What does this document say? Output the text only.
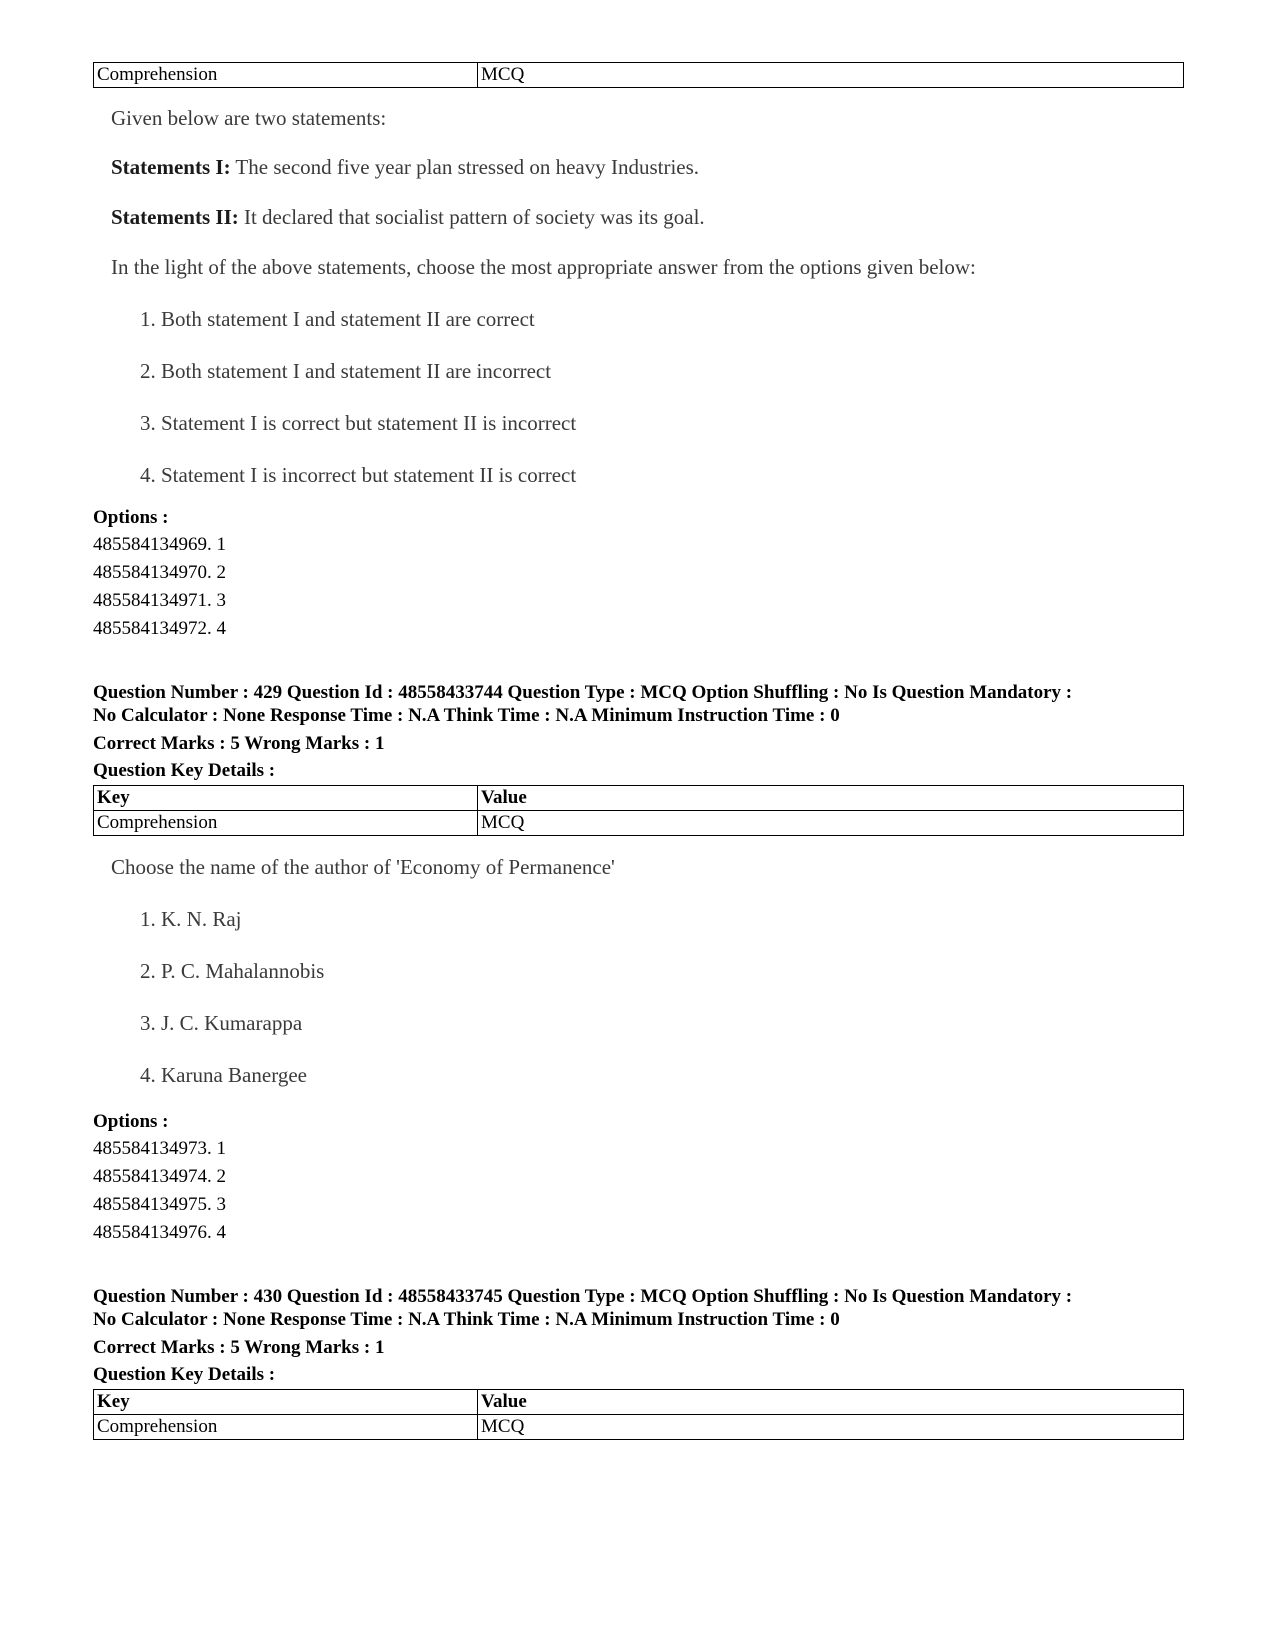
Comprehension	MCQ
Given below are two statements:
Statements I: The second five year plan stressed on heavy Industries.
Statements II: It declared that socialist pattern of society was its goal.
In the light of the above statements, choose the most appropriate answer from the options given below:
1. Both statement I and statement II are correct
2. Both statement I and statement II are incorrect
3. Statement I is correct but statement II is incorrect
4. Statement I is incorrect but statement II is correct
Options :
485584134969. 1
485584134970. 2
485584134971. 3
485584134972. 4
Question Number : 429 Question Id : 48558433744 Question Type : MCQ Option Shuffling : No Is Question Mandatory :
No Calculator : None Response Time : N.A Think Time : N.A Minimum Instruction Time : 0
Correct Marks : 5 Wrong Marks : 1
Question Key Details :
Key	Value
Comprehension	MCQ
Choose the name of the author of 'Economy of Permanence'
1. K. N. Raj
2. P. C. Mahalannobis
3. J. C. Kumarappa
4. Karuna Banergee
Options :
485584134973. 1
485584134974. 2
485584134975. 3
485584134976. 4
Question Number : 430 Question Id : 48558433745 Question Type : MCQ Option Shuffling : No Is Question Mandatory :
No Calculator : None Response Time : N.A Think Time : N.A Minimum Instruction Time : 0
Correct Marks : 5 Wrong Marks : 1
Question Key Details :
Key	Value
Comprehension	MCQ
